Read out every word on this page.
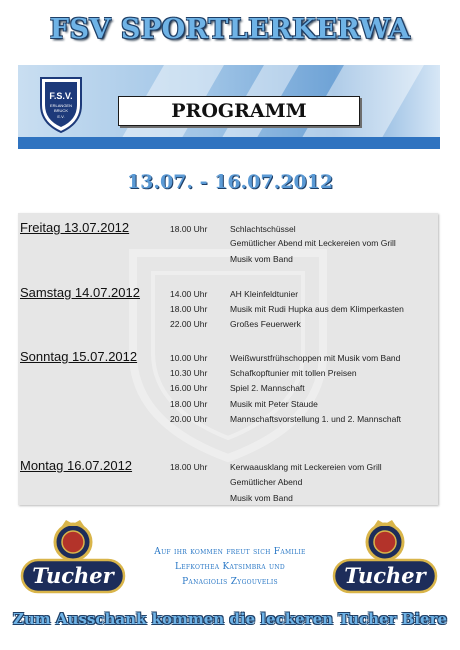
FSV SPORTLERKERWA
F.S.V.
ERLANGEN
BRUCK
E.V.	PROGRAMM
13.07. - 16.07.2012
Freitag 13.07.2012	18.00 Uhr	Schlachtschüssel
Gemütlicher Abend mit Leckereien vom Grill
Musik vom Band
Samstag 14.07.2012	14.00 Uhr	AH Kleinfeldtunier
18.00 Uhr	Musik mit Rudi Hupka aus dem Klimperkasten
22.00 Uhr	Großes Feuerwerk
Sonntag 15.07.2012	10.00 Uhr	Weißwurstfrühschoppen mit Musik vom Band
10.30 Uhr	Schafkopftunier mit tollen Preisen
16.00 Uhr	Spiel 2. Mannschaft
18.00 Uhr	Musik mit Peter Staude
20.00 Uhr	Mannschaftsvorstellung 1. und 2. Mannschaft
Montag 16.07.2012	18.00 Uhr	Kerwaausklang mit Leckereien vom Grill
Gemütlicher Abend
Musik vom Band
Tucher
Auf ihr kommen freut sich Familie
Lefkothea Katsimbra und
Panagiolis Zygouvelis	Tucher
Zum Ausschank kommen die leckeren Tucher Biere
